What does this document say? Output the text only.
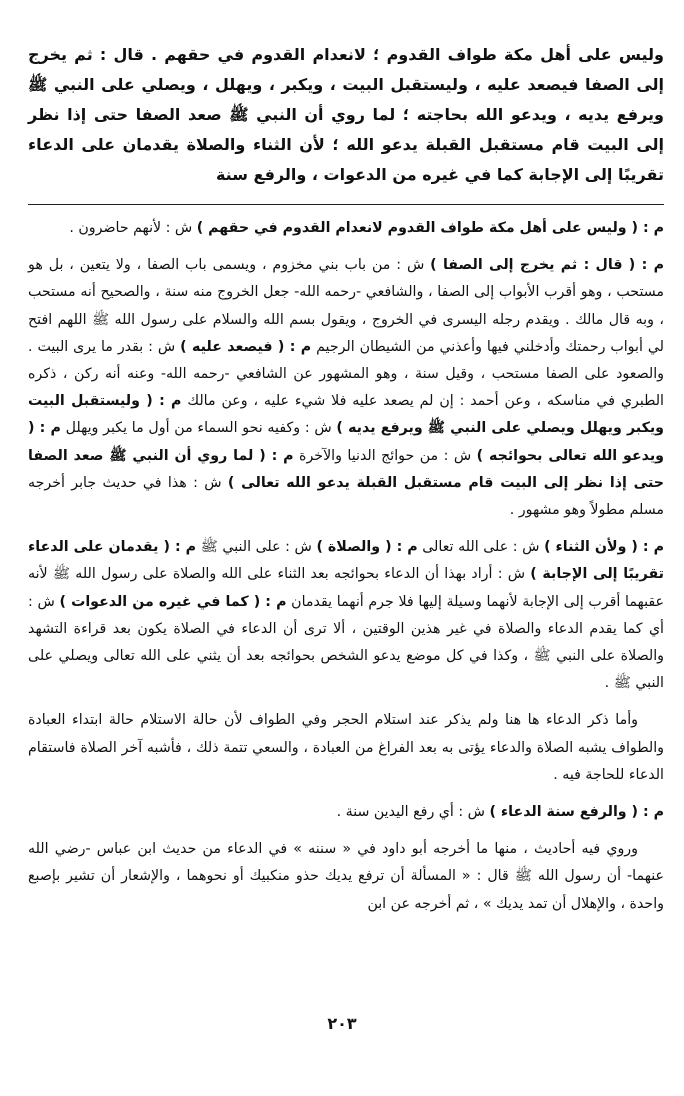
وليس على أهل مكة طواف القدوم ؛ لانعدام القدوم في حقهم . قال : ثم يخرج إلى الصفا فيصعد عليه ، وليستقبل البيت ، ويكبر ، ويهلل ، ويصلي على النبي ﷺ ويرفع يديه ، ويدعو الله بحاجته ؛ لما روي أن النبي ﷺ صعد الصفا حتى إذا نظر إلى البيت قام مستقبل القبلة يدعو الله ؛ لأن الثناء والصلاة يقدمان على الدعاء تقريبًا إلى الإجابة كما في غيره من الدعوات ، والرفع سنة

م : ( وليس على أهل مكة طواف القدوم لانعدام القدوم في حقهم ) ش : لأنهم حاضرون .

م : ( قال : ثم يخرج إلى الصفا ) ش : من باب بني مخزوم ، ويسمى باب الصفا ، ولا يتعين ، بل هو مستحب ، وهو أقرب الأبواب إلى الصفا ، والشافعي -رحمه الله- جعل الخروج منه سنة ، والصحيح أنه مستحب ، وبه قال مالك . ويقدم رجله اليسرى في الخروج ، ويقول بسم الله والسلام على رسول الله ﷺ اللهم افتح لي أبواب رحمتك وأدخلني فيها وأعذني من الشيطان الرجيم م : ( فيصعد عليه ) ش : بقدر ما يرى البيت . والصعود على الصفا مستحب ، وقيل سنة ، وهو المشهور عن الشافعي -رحمه الله- وعنه أنه ركن ، ذكره الطبري في مناسكه ، وعن أحمد : إن لم يصعد عليه فلا شيء عليه ، وعن مالك م : ( وليستقبل البيت ويكبر ويهلل ويصلي على النبي ﷺ ويرفع يديه ) ش : وكفيه نحو السماء من أول ما يكبر ويهلل م : ( ويدعو الله تعالى بحوائجه ) ش : من حوائج الدنيا والآخرة م : ( لما روي أن النبي ﷺ صعد الصفا حتى إذا نظر إلى البيت قام مستقبل القبلة يدعو الله تعالى ) ش : هذا في حديث جابر أخرجه مسلم مطولاً وهو مشهور .

م : ( ولأن الثناء ) ش : على الله تعالى م : ( والصلاة ) ش : على النبي ﷺ م : ( يقدمان على الدعاء تقريبًا إلى الإجابة ) ش : أراد بهذا أن الدعاء بحوائجه بعد الثناء على الله والصلاة على رسول الله ﷺ لأنه عقبهما أقرب إلى الإجابة لأنهما وسيلة إليها فلا جرم أنهما يقدمان م : ( كما في غيره من الدعوات ) ش : أي كما يقدم الدعاء والصلاة في غير هذين الوقتين ، ألا ترى أن الدعاء في الصلاة يكون بعد قراءة التشهد والصلاة على النبي ﷺ ، وكذا في كل موضع يدعو الشخص بحوائجه بعد أن يثني على الله تعالى ويصلي على النبي ﷺ .

وأما ذكر الدعاء ها هنا ولم يذكر عند استلام الحجر وفي الطواف لأن حالة الاستلام حالة ابتداء العبادة والطواف يشبه الصلاة والدعاء يؤتى به بعد الفراغ من العبادة ، والسعي تتمة ذلك ، فأشبه آخر الصلاة فاستقام الدعاء للحاجة فيه .

م : ( والرفع سنة الدعاء ) ش : أي رفع اليدين سنة .

وروي فيه أحاديث ، منها ما أخرجه أبو داود في « سننه » في الدعاء من حديث ابن عباس -رضي الله عنهما- أن رسول الله ﷺ قال : « المسألة أن ترفع يديك حذو منكبيك أو نحوهما ، والإشعار أن تشير بإصبع واحدة ، والإهلال أن تمد يديك » ، ثم أخرجه عن ابن

٢٠٣
